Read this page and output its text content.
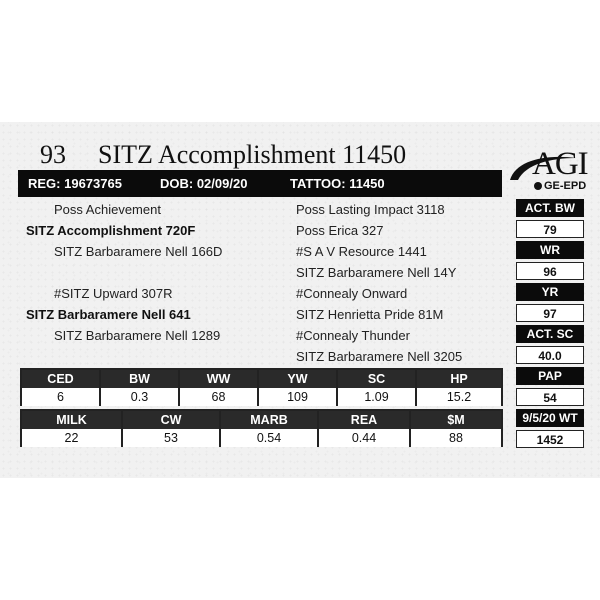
93 SITZ Accomplishment 11450	AGI
GE-EPD
REG: 19673765	DOB: 02/09/20	TATTOO: 11450
Poss Achievement
SITZ Accomplishment 720F
SITZ Barbaramere Nell 166D
#SITZ Upward 307R
SITZ Barbaramere Nell 641
SITZ Barbaramere Nell 1289
Poss Lasting Impact 3118
Poss Erica 327
#S A V Resource 1441
SITZ Barbaramere Nell 14Y
#Connealy Onward
SITZ Henrietta Pride 81M
#Connealy Thunder
SITZ Barbaramere Nell 3205
ACT. BW
79
WR
96
YR
97
ACT. SC
40.0
PAP
54
9/5/20 WT
1452
CED	BW	WW	YW	SC	HP
6	0.3	68	109	1.09	15.2
MILK	CW	MARB	REA	$M
22	53	0.54	0.44	88
